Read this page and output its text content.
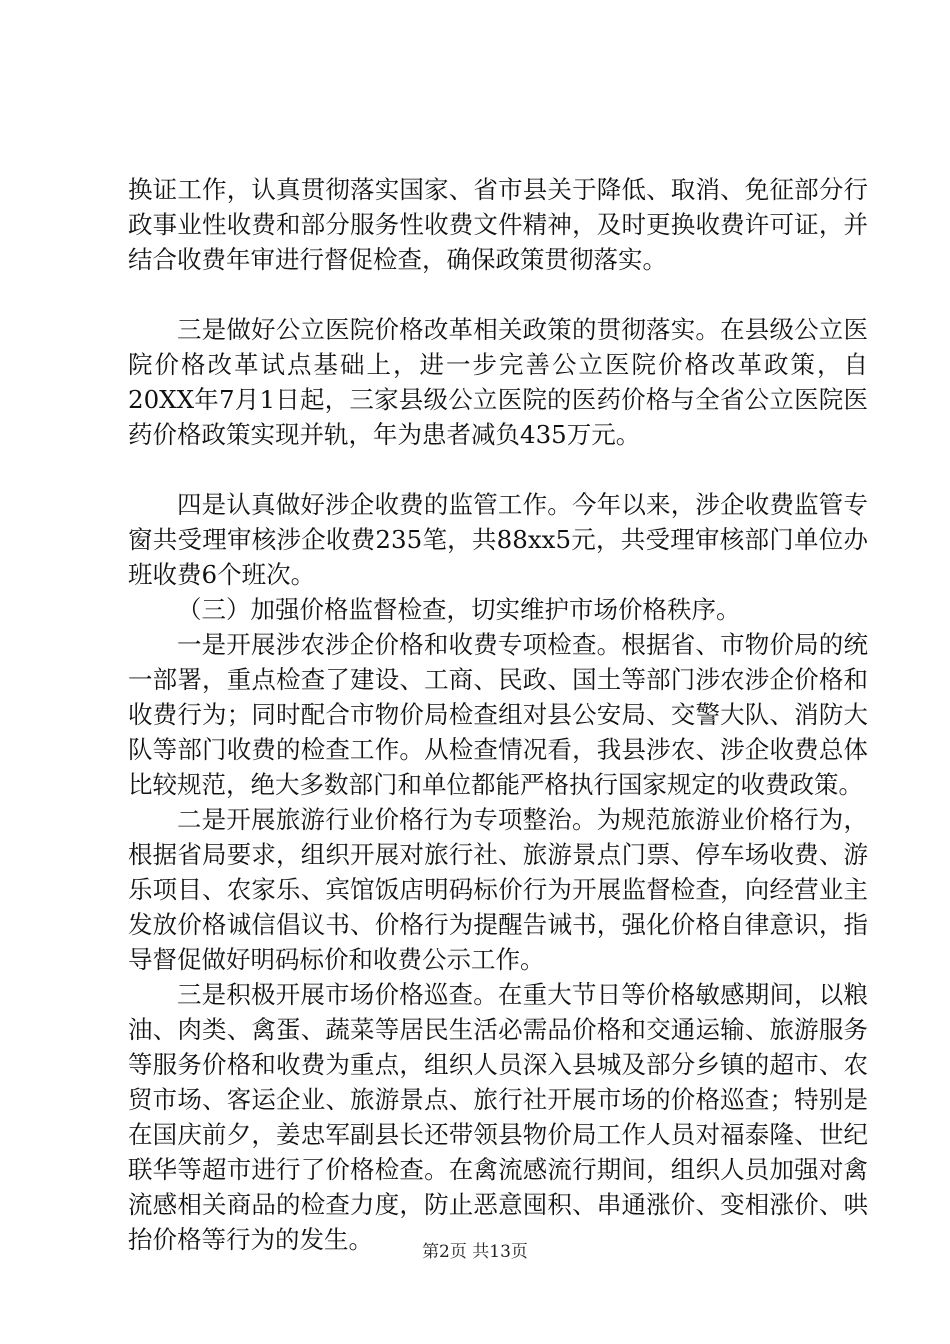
换证工作，认真贯彻落实国家、省市县关于降低、取消、免征部分行政事业性收费和部分服务性收费文件精神，及时更换收费许可证，并结合收费年审进行督促检查，确保政策贯彻落实。

三是做好公立医院价格改革相关政策的贯彻落实。在县级公立医院价格改革试点基础上，进一步完善公立医院价格改革政策，自20XX年7月1日起，三家县级公立医院的医药价格与全省公立医院医药价格政策实现并轨，年为患者减负435万元。

四是认真做好涉企收费的监管工作。今年以来，涉企收费监管专窗共受理审核涉企收费235笔，共88xx5元，共受理审核部门单位办班收费6个班次。

（三）加强价格监督检查，切实维护市场价格秩序。

一是开展涉农涉企价格和收费专项检查。根据省、市物价局的统一部署，重点检查了建设、工商、民政、国土等部门涉农涉企价格和收费行为；同时配合市物价局检查组对县公安局、交警大队、消防大队等部门收费的检查工作。从检查情况看，我县涉农、涉企收费总体比较规范，绝大多数部门和单位都能严格执行国家规定的收费政策。

二是开展旅游行业价格行为专项整治。为规范旅游业价格行为，根据省局要求，组织开展对旅行社、旅游景点门票、停车场收费、游乐项目、农家乐、宾馆饭店明码标价行为开展监督检查，向经营业主发放价格诚信倡议书、价格行为提醒告诫书，强化价格自律意识，指导督促做好明码标价和收费公示工作。

三是积极开展市场价格巡查。在重大节日等价格敏感期间，以粮油、肉类、禽蛋、蔬菜等居民生活必需品价格和交通运输、旅游服务等服务价格和收费为重点，组织人员深入县城及部分乡镇的超市、农贸市场、客运企业、旅游景点、旅行社开展市场的价格巡查；特别是在国庆前夕，姜忠军副县长还带领县物价局工作人员对福泰隆、世纪联华等超市进行了价格检查。在禽流感流行期间，组织人员加强对禽流感相关商品的检查力度，防止恶意囤积、串通涨价、变相涨价、哄抬价格等行为的发生。	第2页 共13页
